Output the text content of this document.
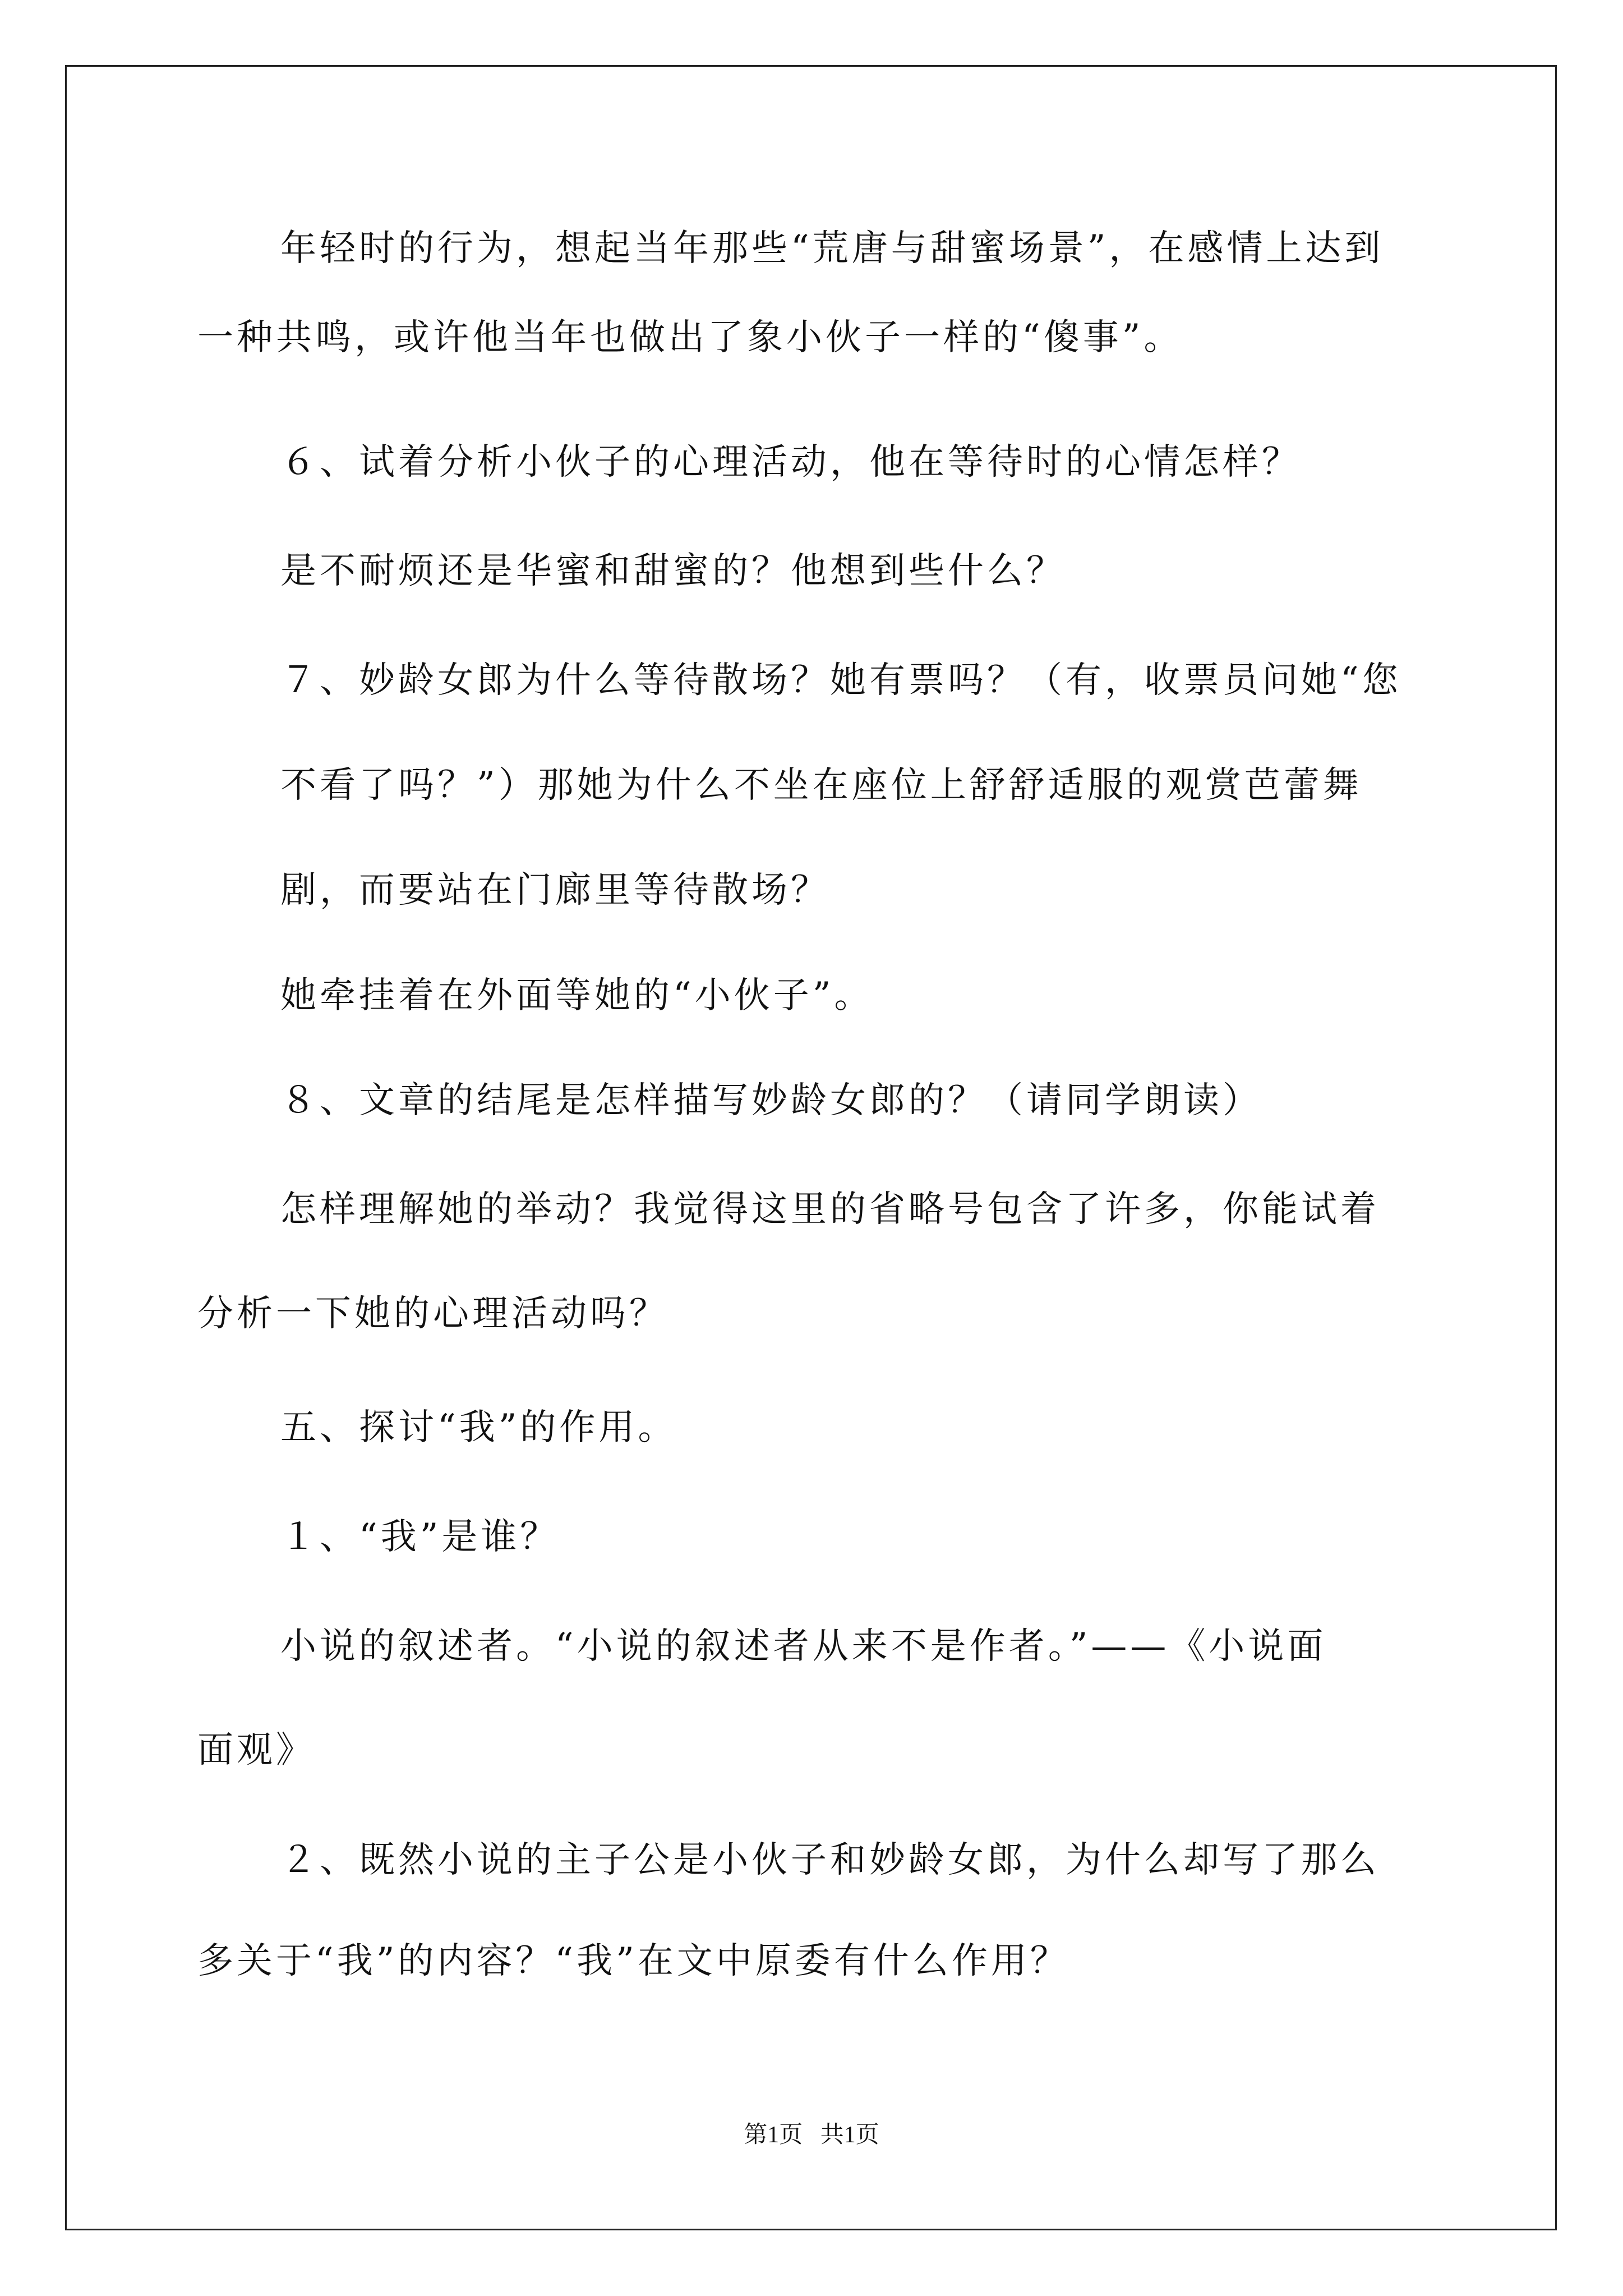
年轻时的行为，想起当年那些“荒唐与甜蜜场景”，在感情上达到
一种共鸣，或许他当年也做出了象小伙子一样的“傻事”。
６、试着分析小伙子的心理活动，他在等待时的心情怎样？
是不耐烦还是华蜜和甜蜜的？他想到些什么？
７、妙龄女郎为什么等待散场？她有票吗？（有，收票员问她“您
不看了吗？”）那她为什么不坐在座位上舒舒适服的观赏芭蕾舞
剧，而要站在门廊里等待散场？
她牵挂着在外面等她的“小伙子”。
８、文章的结尾是怎样描写妙龄女郎的？（请同学朗读）
怎样理解她的举动？我觉得这里的省略号包含了许多，你能试着
分析一下她的心理活动吗？
五、探讨“我”的作用。
１、“我”是谁？
小说的叙述者。“小说的叙述者从来不是作者。”——《小说面
面观》
２、既然小说的主子公是小伙子和妙龄女郎，为什么却写了那么
多关于“我”的内容？“我”在文中原委有什么作用？
第1页   共1页
